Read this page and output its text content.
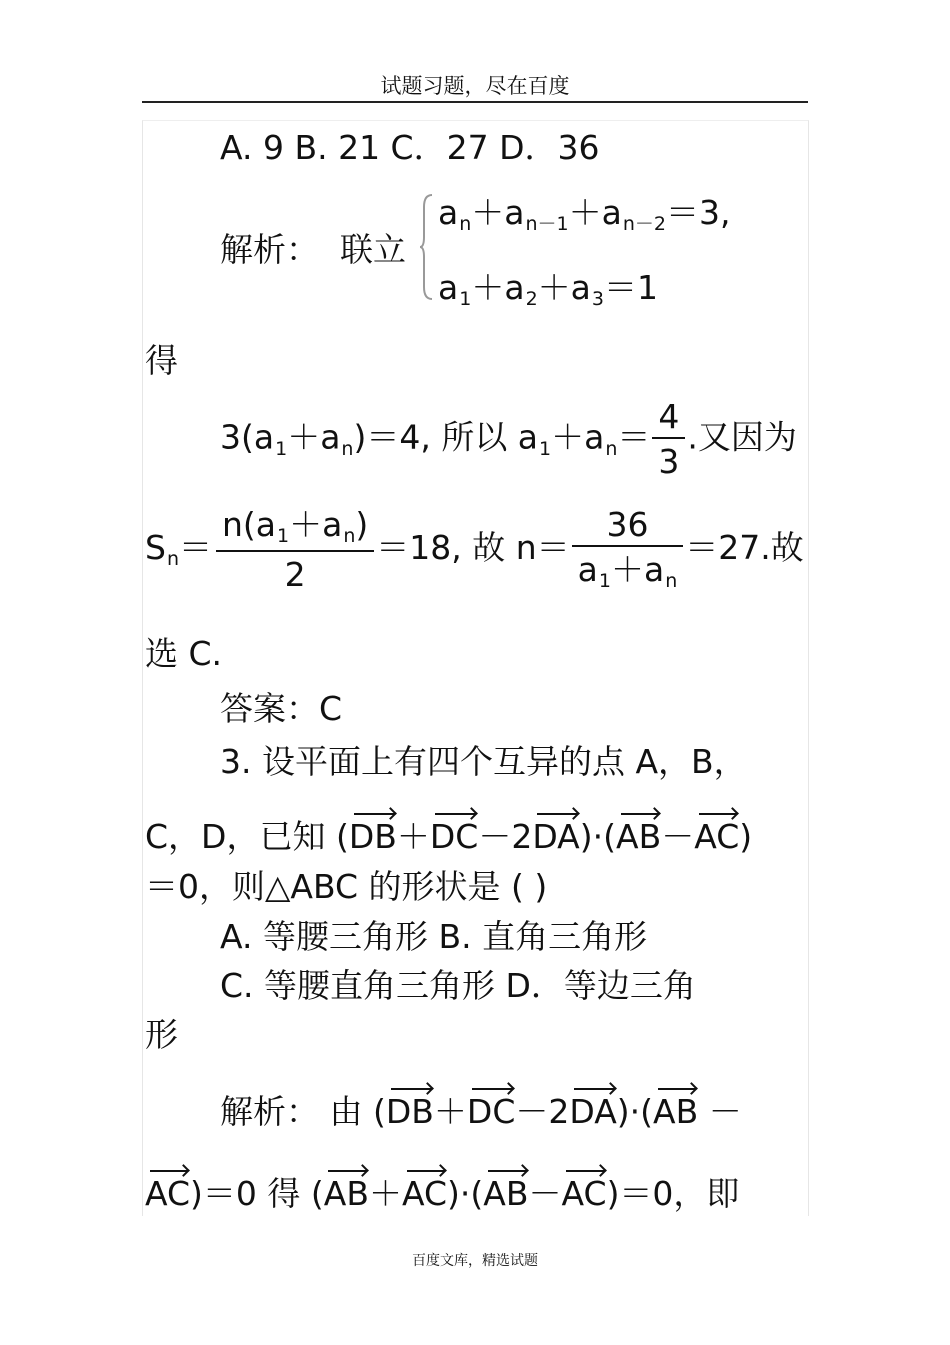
试题习题，尽在百度
A. 9 B. 21 C．27 D．36
解析： 联立
$a_n+a_{n-1}+a_{n-2}=3$,
$a_1+a_2+a_3=1$
得
$3(a_1+a_n)=4$, 所以 $a_1+a_n= \frac{4}{3}$ .又因为
$S_n= \frac{n(a_1+a_n)}{2} =18$, 故 $n= \frac{36}{a_1+a_n} =27$.故
选 C.
答案：C
3. 设平面上有四个互异的点 A，B，
C，D，已知 (DB＋DC－2DA)·(AB－AC)
＝0，则△ABC 的形状是 ( )
A. 等腰三角形 B. 直角三角形
C. 等腰直角三角形 D．等边三角
形
解析： 由 (DB＋DC－2DA)·(AB －
AC)＝0 得 (AB＋AC)·(AB－AC)＝0，即
百度文库，精选试题
